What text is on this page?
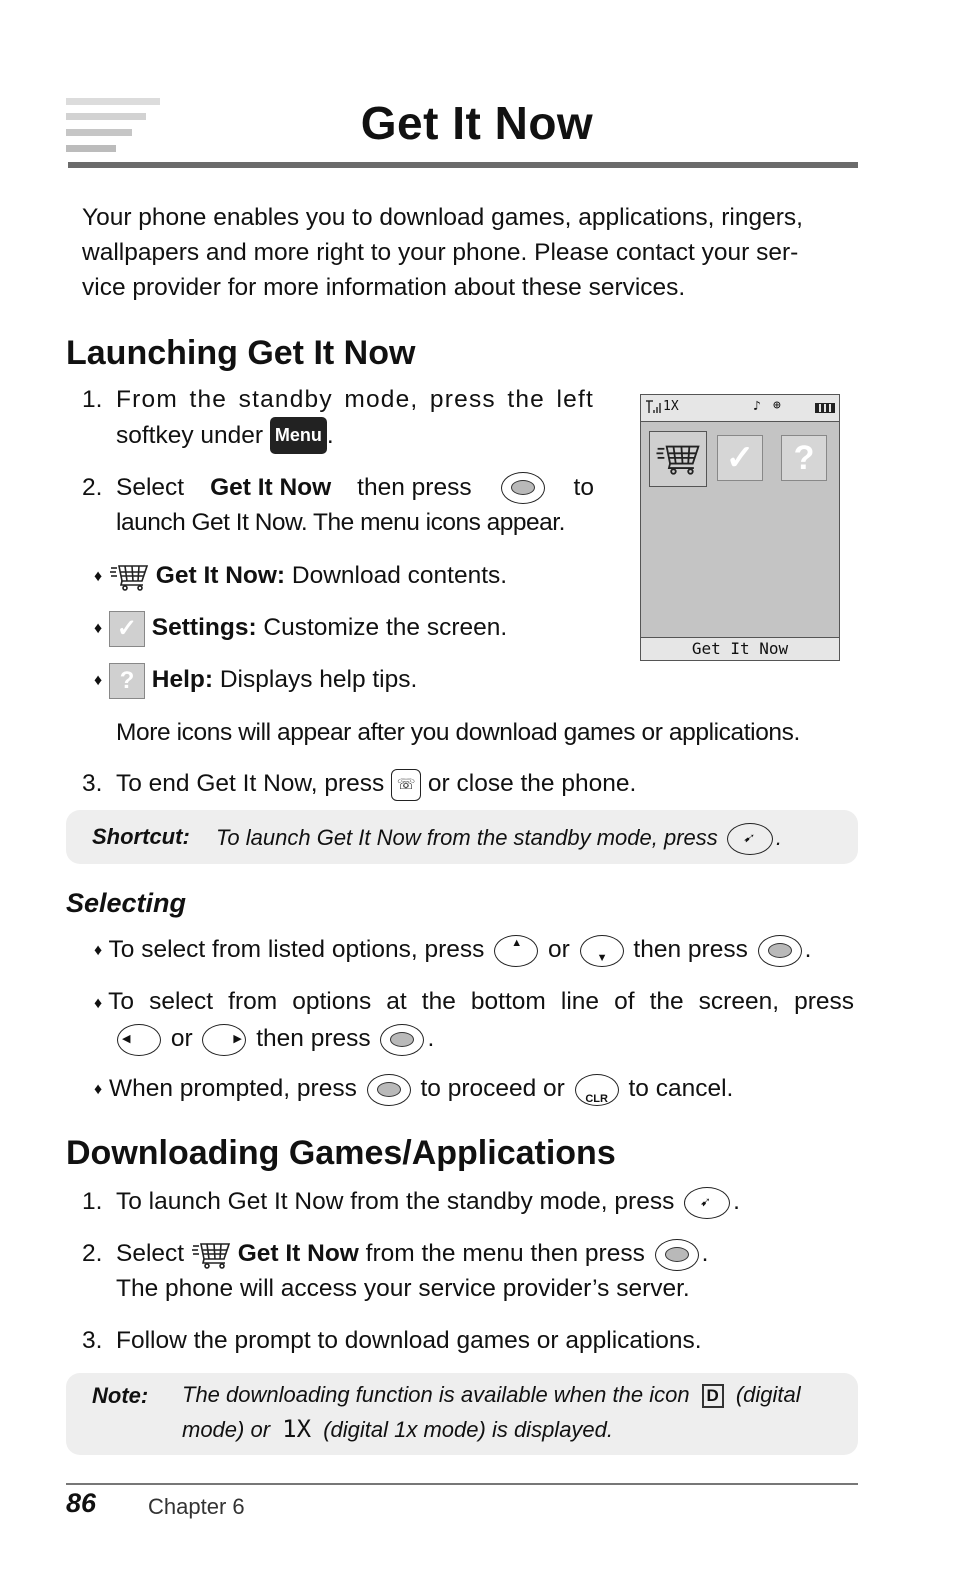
Get It Now
Your phone enables you to download games, applications, ringers,
wallpapers and more right to your phone. Please contact your ser-
vice provider for more information about these services.
Launching Get It Now
1. From the standby mode, press the left
softkey under Menu .
2. Select Get It Now then press	to
launch Get It Now. The menu icons appear.
♦ Get It Now: Download contents.
♦ ✓ Settings: Customize the screen.
♦ ? Help: Displays help tips.
More icons will appear after you download games or applications.
3. To end Get It Now, press ☏ or close the phone.
Shortcut: To launch Get It Now from the standby mode, press ➹ .
1X	♪ ⊕
✓	?
Get It Now
Selecting
♦ To select from listed options, press ▲ or ▼ then press .
♦ To select from options at the bottom line of the screen, press
◀ or	▶ then press .
♦ When prompted, press	to proceed or	CLR to cancel.
Downloading Games/Applications
1. To launch Get It Now from the standby mode, press ➹ .
2. Select Get It Now from the menu then press .
The phone will access your service provider’s server.
3. Follow the prompt to download games or applications.
Note: The downloading function is available when the icon D (digital
mode) or 1X (digital 1x mode) is displayed.
86 Chapter 6
